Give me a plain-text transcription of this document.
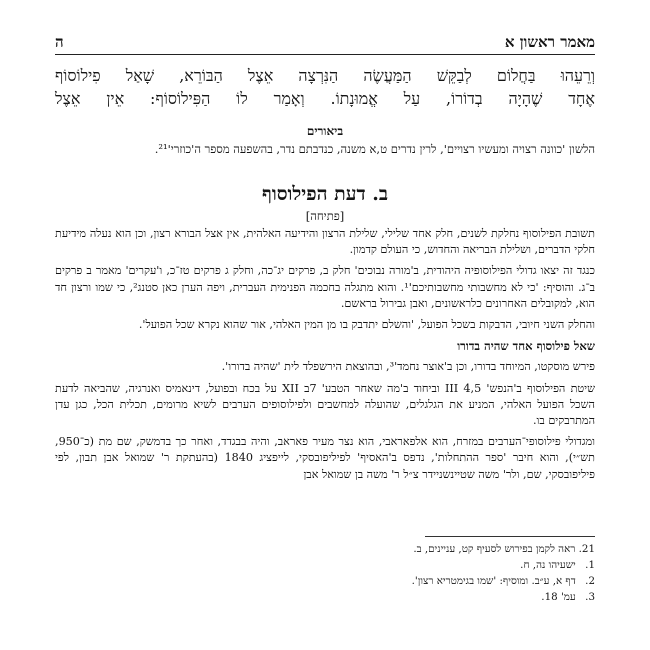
מאמר ראשון א
ה

וְרֵעֵהוּ בַּחֲלוֹם לְבַקֵּשׁ הַמַּעֲשֶׂה הַנִּרְצָה אֵצֶל הַבּוֹרֵא, שָׁאַל פִילוֹסוֹף

אֶחָד שֶׁהָיָה בְדוֹרוֹ, עַל אֱמוּנָתוֹ. וְאָמַר לוֹ הַפִּילוֹסוֹף: אֵין אֵצֶל

ביאורים

הלשון 'כוונה רצויה ומעשיו רצויים', לרין נדרים ט,א משנה, כנדבתם נדר, בהשפעה מספר ה'כוזרי'²¹.

ב. דעת הפילוסוף
[פתיחה]

תשובת הפילוסוף נחלקת לשנים, חלק אחד שלילי, שלילת הרצון והידיעה האלהית, אין אצל הבורא רצון, וכן הוא נעלה מידיעת חלקי הדברים, ושלילת הבריאה והחדוש, כי העולם קדמון.

כנגד זה יצאו גדולי הפילוסופיה היהודית, ב'מורה נבוכים' חלק ב, פרקים יג־כה, וחלק ג פרקים טז־כ, ו'עקרים' מאמר ב פרקים ב־ג. והוסיף: 'כי לא מחשבותי מחשבותיכם'¹. והוא מתגלה בחכמה הפנימית העברית, ויפה הערן כאן סטנג², כי שמו ורצון חד הוא, למקובלים האחרונים כלראשונים, ואבן גבירול בראשם.

והחלק השני חיובי, הדבקות בשכל הפועל, 'והשלם יתדבק בו מן המין האלהי, אור שהוא נקרא שכל הפועל'.

שאל פילוסוף אחד שהיה בדורו

פירש מוסקטו, המיוחד בדורו, וכן ב'אוצר נחמד'³, ובהוצאת הירשפלד לית 'שהיה בדורו'.

שיטת הפילוסוף ב'הנפש' III 4,5 וביחוד ב'מה שאחר הטבע' 7ב XII על בכח ובפועל, דינאמיס ואנרגיה, שהביאה לדעת השכל הפועל האלהי, המניע את הגלגלים, שהועלה למחשבים ולפילוסופים הערבים לשיא מרומים, תכלית הכל, כגן עדן המתרבקים בו.

ומגדולי פילוסופי־הערבים במזרח, הוא אלפאראבי, הוא נצר מעיר פאראב, והיה בבגדד, ואחר כך בדמשק, שם מת (כ־950, תש״י), והוא חיבר 'ספר ההתחלות', נדפס ב'האסיף' לפיליפובסקי, לייפציג 1840 (בהעתקת ר' שמואל אבן תבון, לפי פיליפובסקי, שם, ולר' משה שטיינשניידר צ״ל ר' משה בן שמואל אבן

21. ראה לקמן בפירוש לסעיף קט, עניינים, ב.

1. ישעיהו נה, ח.

2. דף א, ע״ב. ומוסיף: 'שמו בגימטריא רצון'.

3. עמ' 18.
